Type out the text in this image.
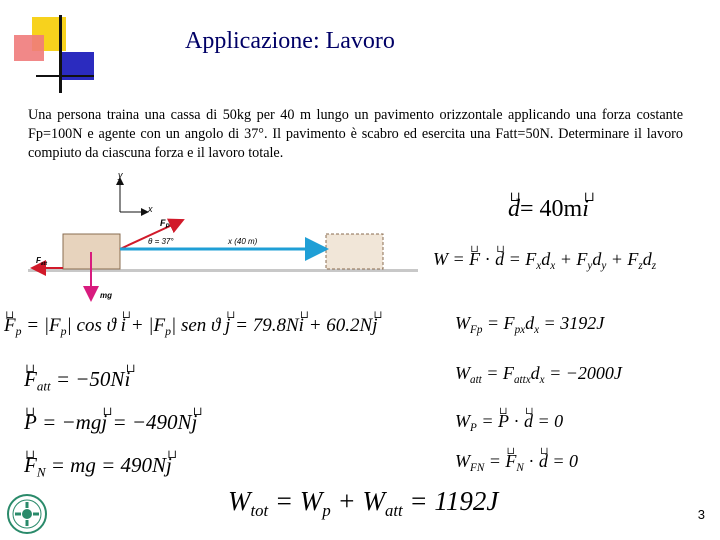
Applicazione: Lavoro
Una persona traina una cassa di 50kg per 40 m lungo un pavimento orizzontale applicando una forza costante Fp=100N e agente con un angolo di 37°. Il pavimento è scabro ed esercita una Fatt=50N. Determinare il lavoro compiuto da ciascuna forza e il lavoro totale.
y
x
$F_P$
θ = 37°	x (40 m)
$F_{att}$
mg
⊔ d= 40m⊔ i
W = ⊔ F · ⊔ $d = F_xd_x + F_yd_y + F_zd_z$
⊔ $F_p = |F_p|$ cos ϑ ⊔ $i + |F_p|$ sen ϑ ⊔ j = 79.8N⊔ i + 60.2N⊔ j
⊔ $F_{att}$ = −50N⊔ i
⊔ P = −mg⊔ j = −490N⊔ j
⊔ $F_N$ = mg = 490N⊔ j
$W_{Fp} = F_{px}d_x = 3192J$
$W_{att} = F_{attx}d_x = -2000J$
$W_P$ = ⊔ P · ⊔ d = 0
$W_{FN}$ = ⊔ $F_N$ · ⊔ d = 0
$W_{tot} = W_p + W_{att} = 1192J$	3
